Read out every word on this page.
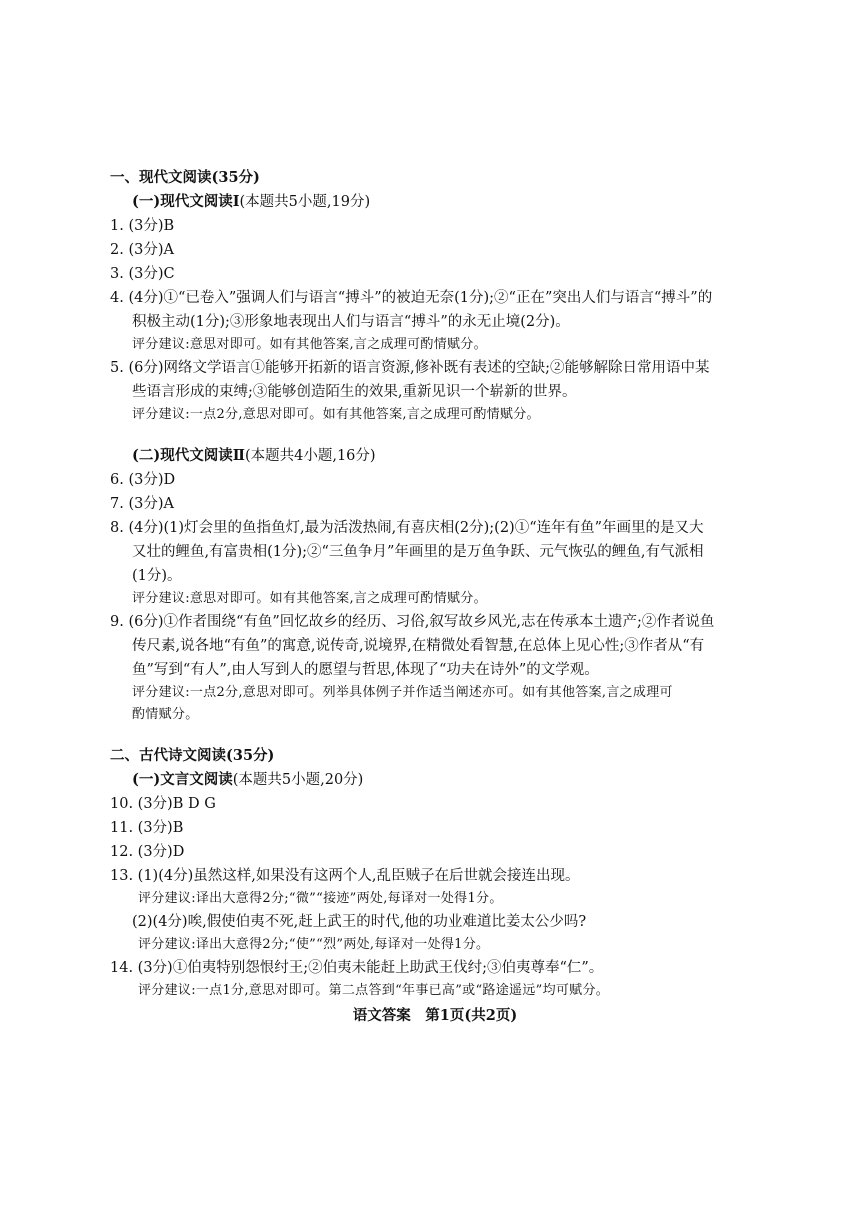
一、现代文阅读(35分)
(一)现代文阅读Ⅰ(本题共5小题,19分)
1. (3分)B
2. (3分)A
3. (3分)C
4. (4分)①“已卷入”强调人们与语言“搏斗”的被迫无奈(1分);②“正在”突出人们与语言“搏斗”的
积极主动(1分);③形象地表现出人们与语言“搏斗”的永无止境(2分)。
评分建议:意思对即可。如有其他答案,言之成理可酌情赋分。
5. (6分)网络文学语言①能够开拓新的语言资源,修补既有表述的空缺;②能够解除日常用语中某
些语言形成的束缚;③能够创造陌生的效果,重新见识一个崭新的世界。
评分建议:一点2分,意思对即可。如有其他答案,言之成理可酌情赋分。
(二)现代文阅读Ⅱ(本题共4小题,16分)
6. (3分)D
7. (3分)A
8. (4分)(1)灯会里的鱼指鱼灯,最为活泼热闹,有喜庆相(2分);(2)①“连年有鱼”年画里的是又大
又壮的鲤鱼,有富贵相(1分);②“三鱼争月”年画里的是万鱼争跃、元气恢弘的鲤鱼,有气派相
(1分)。
评分建议:意思对即可。如有其他答案,言之成理可酌情赋分。
9. (6分)①作者围绕“有鱼”回忆故乡的经历、习俗,叙写故乡风光,志在传承本土遗产;②作者说鱼
传尺素,说各地“有鱼”的寓意,说传奇,说境界,在精微处看智慧,在总体上见心性;③作者从“有
鱼”写到“有人”,由人写到人的愿望与哲思,体现了“功夫在诗外”的文学观。
评分建议:一点2分,意思对即可。列举具体例子并作适当阐述亦可。如有其他答案,言之成理可
酌情赋分。
二、古代诗文阅读(35分)
(一)文言文阅读(本题共5小题,20分)
10. (3分)B D G
11. (3分)B
12. (3分)D
13. (1)(4分)虽然这样,如果没有这两个人,乱臣贼子在后世就会接连出现。
评分建议:译出大意得2分;“微”“接迹”两处,每译对一处得1分。
(2)(4分)唉,假使伯夷不死,赶上武王的时代,他的功业难道比姜太公少吗?
评分建议:译出大意得2分;“使”“烈”两处,每译对一处得1分。
14. (3分)①伯夷特别怨恨纣王;②伯夷未能赶上助武王伐纣;③伯夷尊奉“仁”。
评分建议:一点1分,意思对即可。第二点答到“年事已高”或“路途遥远”均可赋分。
语文答案　第1页(共2页)
